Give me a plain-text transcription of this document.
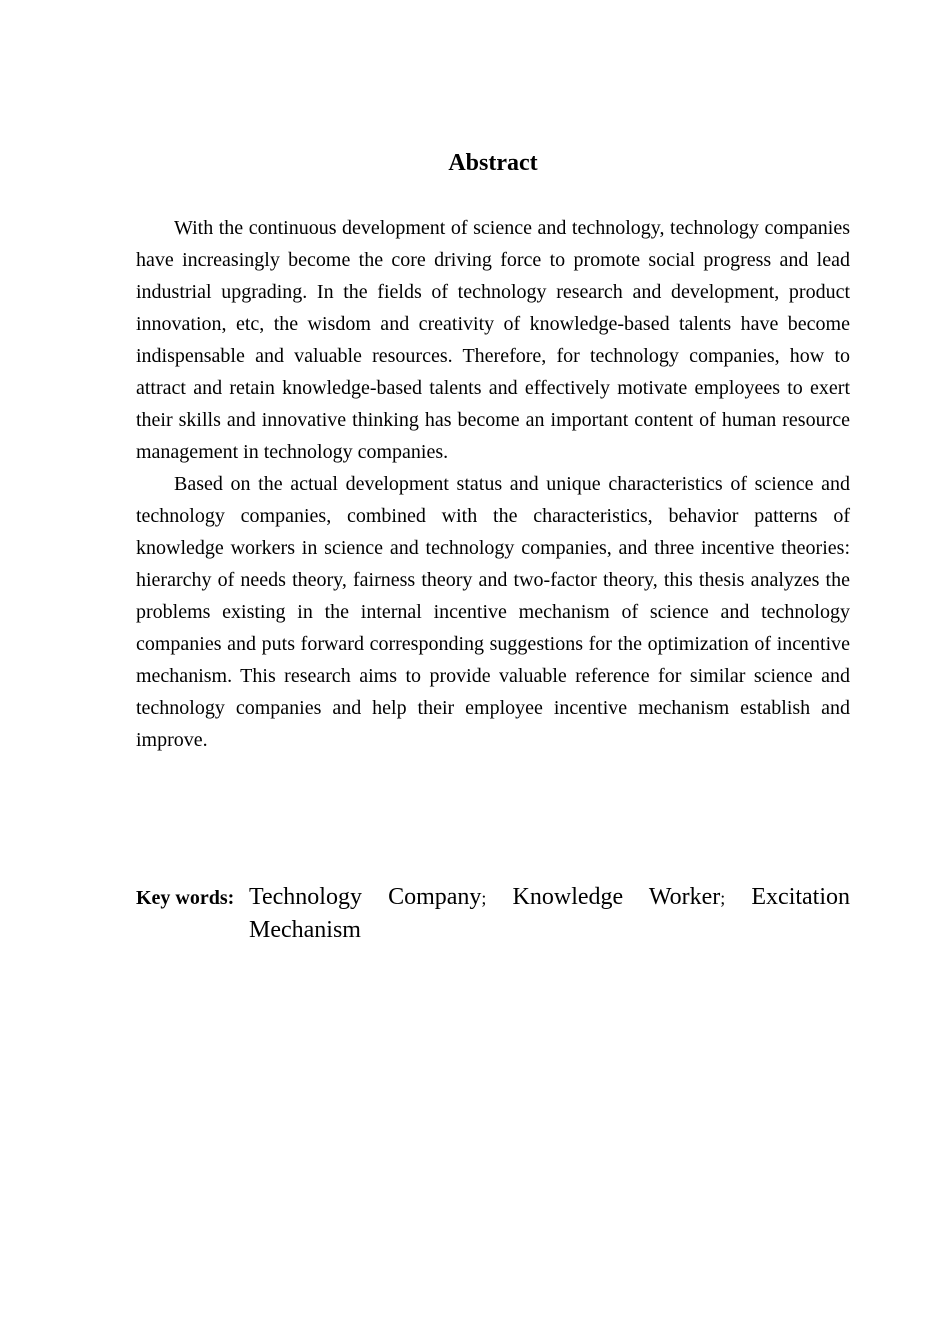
Abstract

With the continuous development of science and technology, technology companies have increasingly become the core driving force to promote social progress and lead industrial upgrading. In the fields of technology research and development, product innovation, etc, the wisdom and creativity of knowledge-based talents have become indispensable and valuable resources. Therefore, for technology companies, how to attract and retain knowledge-based talents and effectively motivate employees to exert their skills and innovative thinking has become an important content of human resource management in technology companies.

Based on the actual development status and unique characteristics of science and technology companies, combined with the characteristics, behavior patterns of knowledge workers in science and technology companies, and three incentive theories: hierarchy of needs theory, fairness theory and two-factor theory, this thesis analyzes the problems existing in the internal incentive mechanism of science and technology companies and puts forward corresponding suggestions for the optimization of incentive mechanism. This research aims to provide valuable reference for similar science and technology companies and help their employee incentive mechanism establish and improve.

Key words: Technology Company; Knowledge Worker; Excitation Mechanism
